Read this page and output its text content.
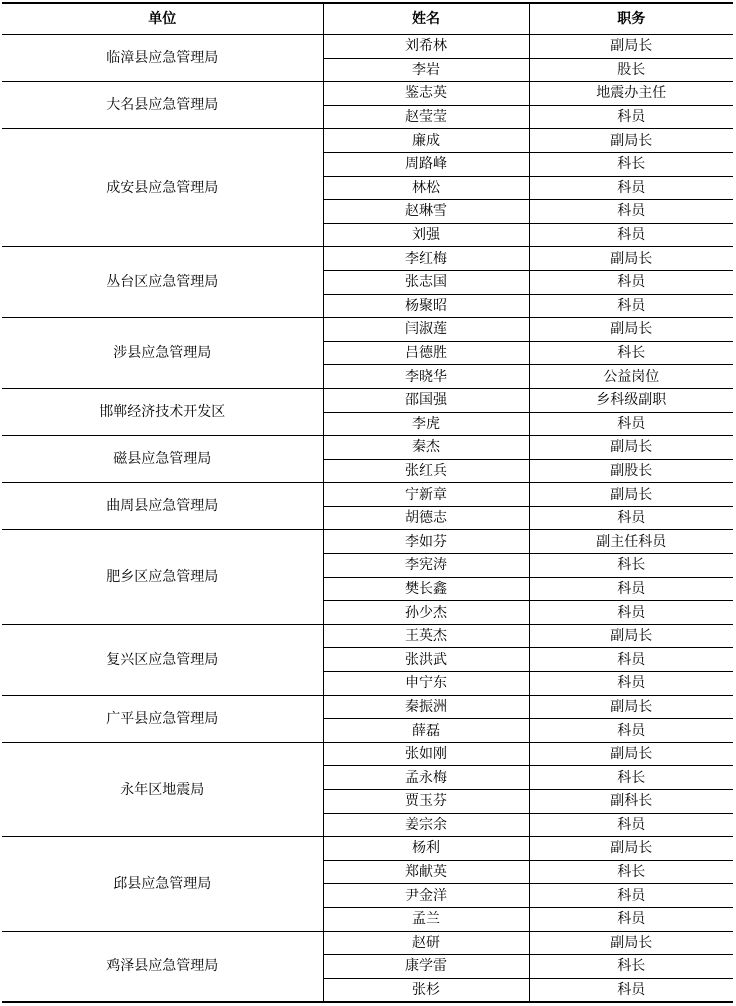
单位	姓名	职务
临漳县应急管理局	刘希林	副局长
	李岩	股长
大名县应急管理局	鉴志英	地震办主任
	赵莹莹	科员
成安县应急管理局	廉成	副局长
	周路峰	科长
	林松	科员
	赵琳雪	科员
	刘强	科员
丛台区应急管理局	李红梅	副局长
	张志国	科员
	杨聚昭	科员
涉县应急管理局	闫淑莲	副局长
	吕德胜	科长
	李晓华	公益岗位
邯郸经济技术开发区	邵国强	乡科级副职
	李虎	科员
磁县应急管理局	秦杰	副局长
	张红兵	副股长
曲周县应急管理局	宁新章	副局长
	胡德志	科员
肥乡区应急管理局	李如芬	副主任科员
	李宪涛	科长
	樊长鑫	科员
	孙少杰	科员
复兴区应急管理局	王英杰	副局长
	张洪武	科员
	申宁东	科员
广平县应急管理局	秦振洲	副局长
	薛磊	科员
永年区地震局	张如刚	副局长
	孟永梅	科长
	贾玉芬	副科长
	姜宗余	科员
邱县应急管理局	杨利	副局长
	郑献英	科长
	尹金洋	科员
	孟兰	科员
鸡泽县应急管理局	赵研	副局长
	康学雷	科长
	张杉	科员
